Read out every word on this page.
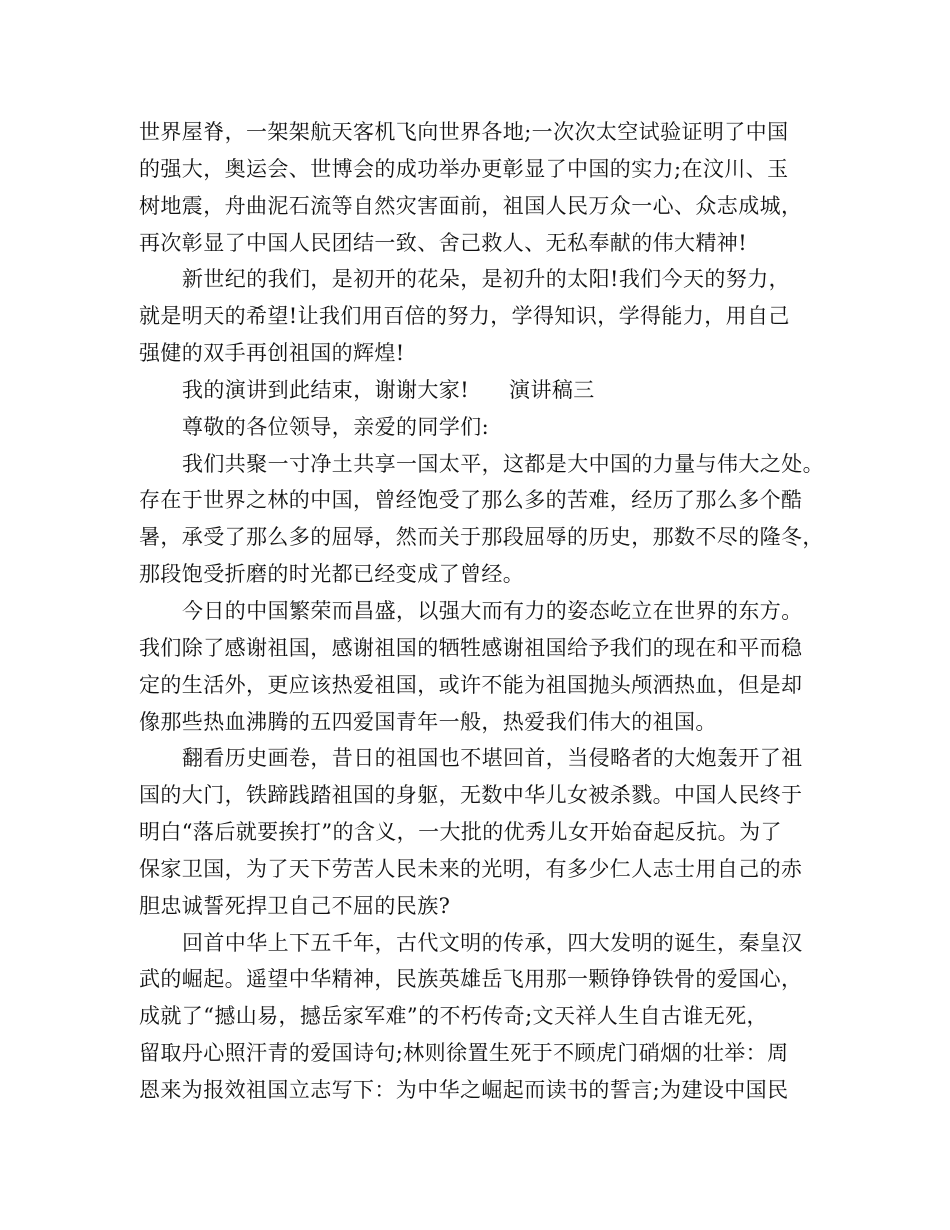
世界屋脊，一架架航天客机飞向世界各地;一次次太空试验证明了中国
的强大，奥运会、世博会的成功举办更彰显了中国的实力;在汶川、玉
树地震，舟曲泥石流等自然灾害面前，祖国人民万众一心、众志成城，
再次彰显了中国人民团结一致、舍己救人、无私奉献的伟大精神!
新世纪的我们，是初开的花朵，是初升的太阳!我们今天的努力，
就是明天的希望!让我们用百倍的努力，学得知识，学得能力，用自己
强健的双手再创祖国的辉煌!
我的演讲到此结束，谢谢大家! 演讲稿三
尊敬的各位领导，亲爱的同学们:
我们共聚一寸净土共享一国太平，这都是大中国的力量与伟大之处。
存在于世界之林的中国，曾经饱受了那么多的苦难，经历了那么多个酷
暑，承受了那么多的屈辱，然而关于那段屈辱的历史，那数不尽的隆冬，
那段饱受折磨的时光都已经变成了曾经。
今日的中国繁荣而昌盛，以强大而有力的姿态屹立在世界的东方。
我们除了感谢祖国，感谢祖国的牺牲感谢祖国给予我们的现在和平而稳
定的生活外，更应该热爱祖国，或许不能为祖国抛头颅洒热血，但是却
像那些热血沸腾的五四爱国青年一般，热爱我们伟大的祖国。
翻看历史画卷，昔日的祖国也不堪回首，当侵略者的大炮轰开了祖
国的大门，铁蹄践踏祖国的身躯，无数中华儿女被杀戮。中国人民终于
明白“落后就要挨打”的含义，一大批的优秀儿女开始奋起反抗。为了
保家卫国，为了天下劳苦人民未来的光明，有多少仁人志士用自己的赤
胆忠诚誓死捍卫自己不屈的民族?
回首中华上下五千年，古代文明的传承，四大发明的诞生，秦皇汉
武的崛起。遥望中华精神，民族英雄岳飞用那一颗铮铮铁骨的爱国心，
成就了“撼山易，撼岳家军难”的不朽传奇;文天祥人生自古谁无死，
留取丹心照汗青的爱国诗句;林则徐置生死于不顾虎门硝烟的壮举：周
恩来为报效祖国立志写下：为中华之崛起而读书的誓言;为建设中国民
